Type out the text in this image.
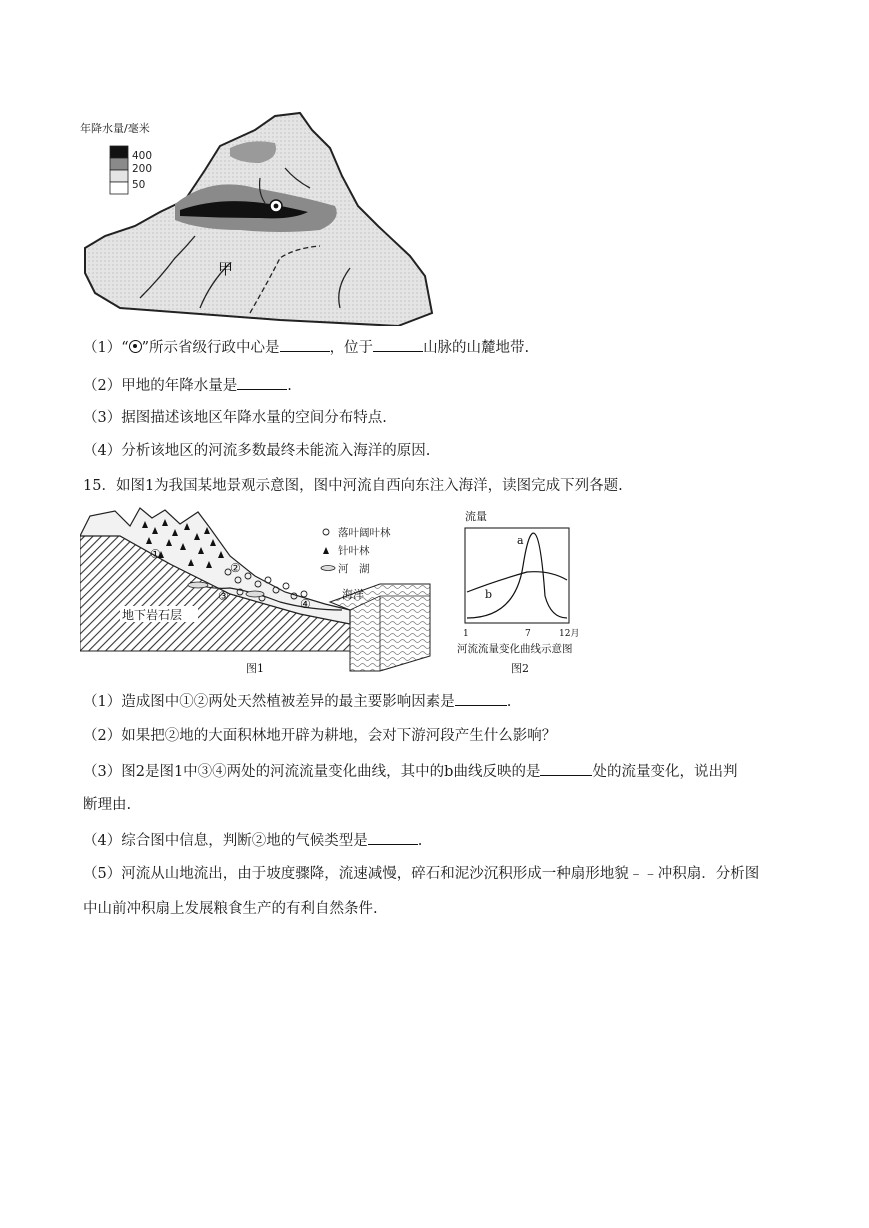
年降水量/毫米
400
200
50
甲
（1）“ ”所示省级行政中心是	，位于	山脉的山麓地带.
（2）甲地的年降水量是	.
（3）据图描述该地区年降水量的空间分布特点.
（4）分析该地区的河流多数最终未能流入海洋的原因.
15．如图1为我国某地景观示意图，图中河流自西向东注入海洋，读图完成下列各题.
①
②
③
④
地下岩石层
海洋
落叶阔叶林
针叶林
河　湖
图1
流量
a
b
1	7	12月
河流流量变化曲线示意图
图2
（1）造成图中①②两处天然植被差异的最主要影响因素是	.
（2）如果把②地的大面积林地开辟为耕地，会对下游河段产生什么影响？
（3）图2是图1中③④两处的河流流量变化曲线，其中的b曲线反映的是	处的流量变化，说出判
断理由.
（4）综合图中信息，判断②地的气候类型是	.
（5）河流从山地流出，由于坡度骤降，流速减慢，碎石和泥沙沉积形成一种扇形地貌﹣﹣冲积扇．分析图
中山前冲积扇上发展粮食生产的有利自然条件.
